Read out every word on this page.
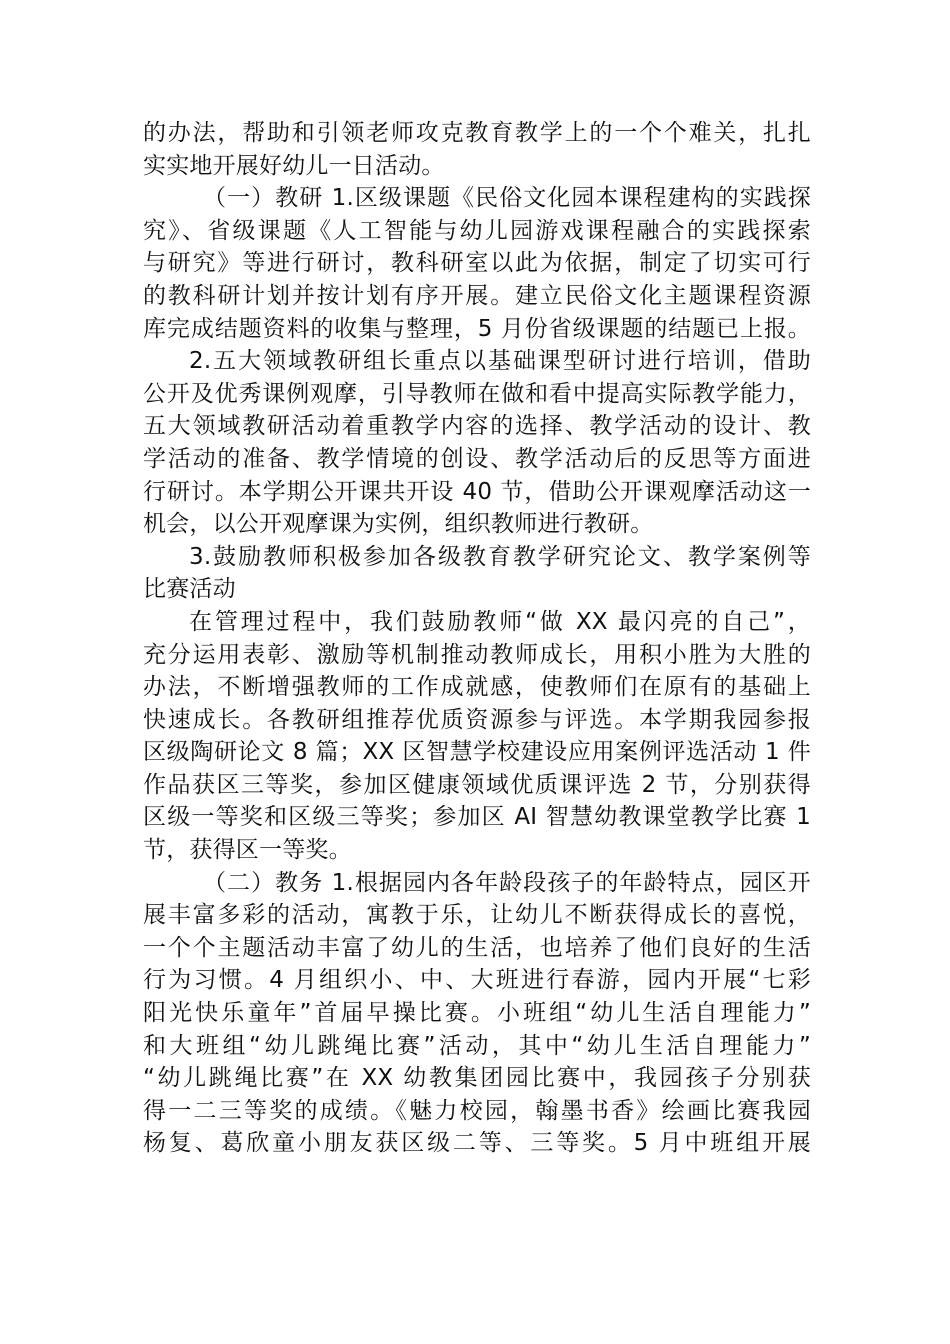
的办法，帮助和引领老师攻克教育教学上的一个个难关，扎扎
实实地开展好幼儿一日活动。
（一）教研 1.区级课题《民俗文化园本课程建构的实践探
究》、省级课题《人工智能与幼儿园游戏课程融合的实践探索
与研究》等进行研讨，教科研室以此为依据，制定了切实可行
的教科研计划并按计划有序开展。建立民俗文化主题课程资源
库完成结题资料的收集与整理，5 月份省级课题的结题已上报。
2.五大领域教研组长重点以基础课型研讨进行培训，借助
公开及优秀课例观摩，引导教师在做和看中提高实际教学能力，
五大领域教研活动着重教学内容的选择、教学活动的设计、教
学活动的准备、教学情境的创设、教学活动后的反思等方面进
行研讨。本学期公开课共开设 40 节，借助公开课观摩活动这一
机会，以公开观摩课为实例，组织教师进行教研。
3.鼓励教师积极参加各级教育教学研究论文、教学案例等
比赛活动
在管理过程中，我们鼓励教师“做 XX 最闪亮的自己”，
充分运用表彰、激励等机制推动教师成长，用积小胜为大胜的
办法，不断增强教师的工作成就感，使教师们在原有的基础上
快速成长。各教研组推荐优质资源参与评选。本学期我园参报
区级陶研论文 8 篇；XX 区智慧学校建设应用案例评选活动 1 件
作品获区三等奖，参加区健康领域优质课评选 2 节，分别获得
区级一等奖和区级三等奖；参加区 AI 智慧幼教课堂教学比赛 1
节，获得区一等奖。
（二）教务 1.根据园内各年龄段孩子的年龄特点，园区开
展丰富多彩的活动，寓教于乐，让幼儿不断获得成长的喜悦，
一个个主题活动丰富了幼儿的生活，也培养了他们良好的生活
行为习惯。4 月组织小、中、大班进行春游，园内开展“七彩
阳光快乐童年”首届早操比赛。小班组“幼儿生活自理能力”
和大班组“幼儿跳绳比赛”活动，其中“幼儿生活自理能力”
“幼儿跳绳比赛”在 XX 幼教集团园比赛中，我园孩子分别获
得一二三等奖的成绩。《魅力校园，翰墨书香》绘画比赛我园
杨复、葛欣童小朋友获区级二等、三等奖。5 月中班组开展
